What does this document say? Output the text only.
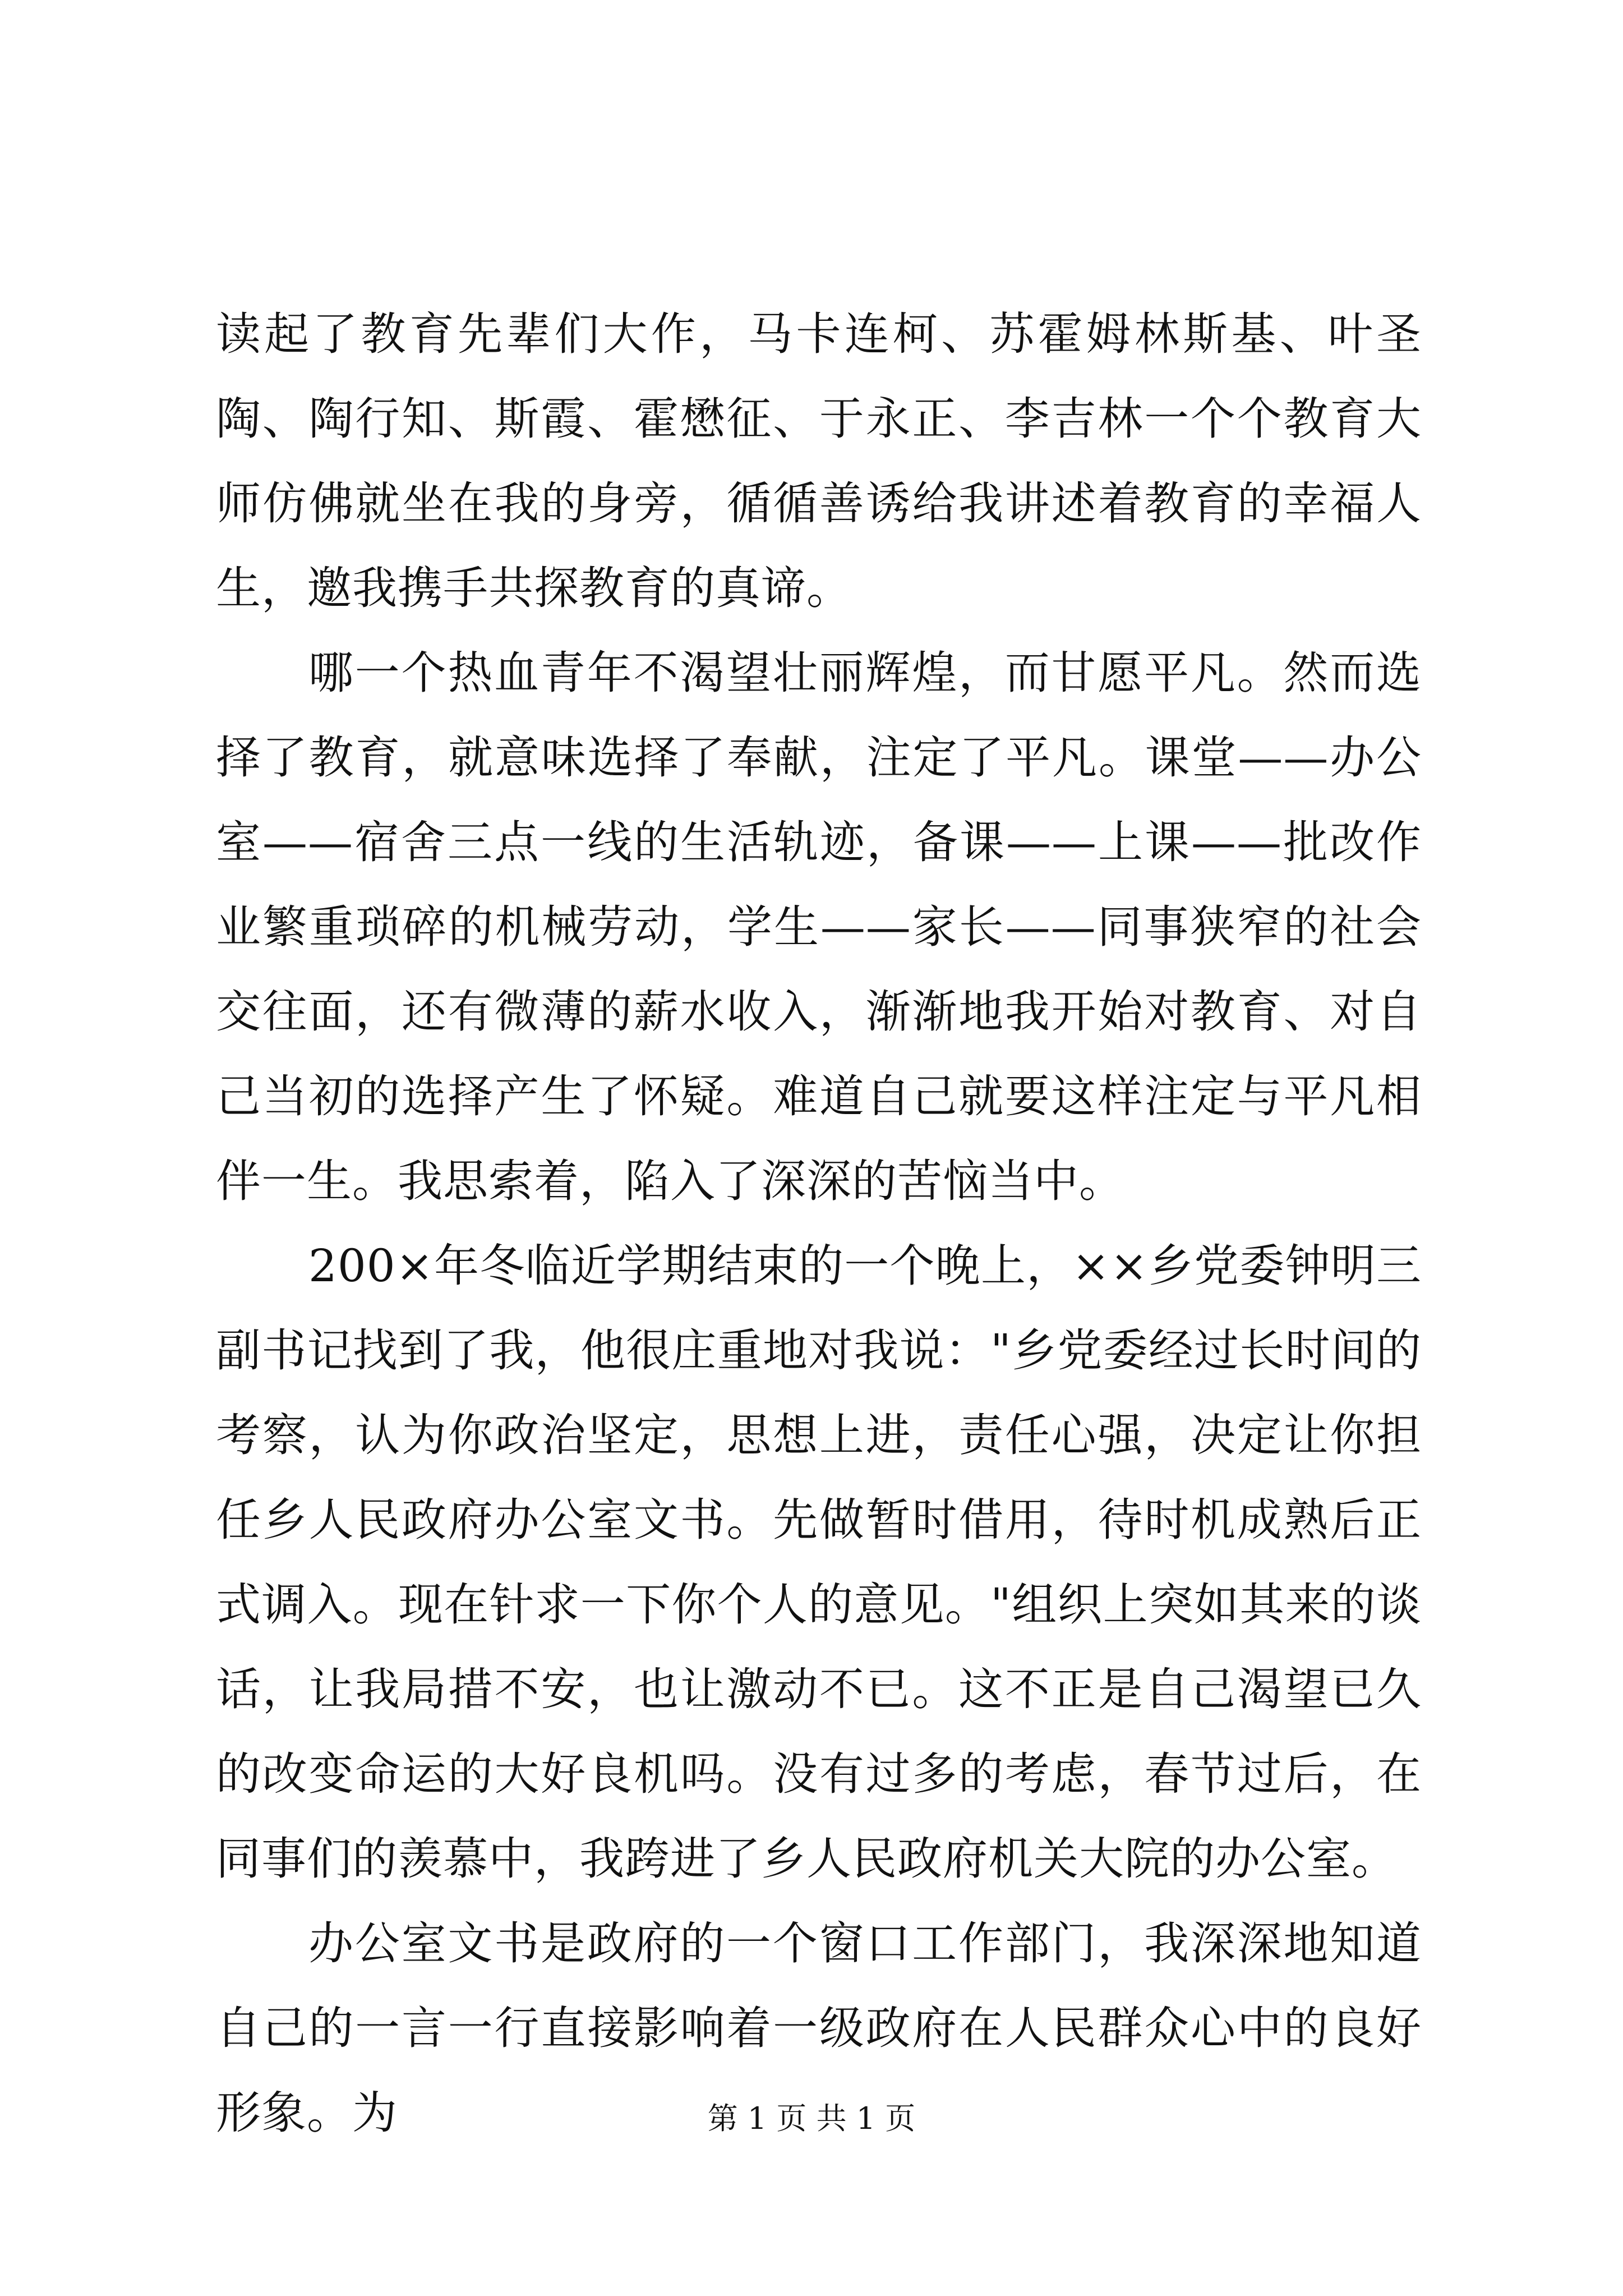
读起了教育先辈们大作，马卡连柯、苏霍姆林斯基、叶圣陶、陶行知、斯霞、霍懋征、于永正、李吉林一个个教育大师仿佛就坐在我的身旁，循循善诱给我讲述着教育的幸福人生，邀我携手共探教育的真谛。

哪一个热血青年不渴望壮丽辉煌，而甘愿平凡。然而选择了教育，就意味选择了奉献，注定了平凡。课堂——办公室——宿舍三点一线的生活轨迹，备课——上课——批改作业繁重琐碎的机械劳动，学生——家长——同事狭窄的社会交往面，还有微薄的薪水收入，渐渐地我开始对教育、对自己当初的选择产生了怀疑。难道自己就要这样注定与平凡相伴一生。我思索着，陷入了深深的苦恼当中。

200×年冬临近学期结束的一个晚上，××乡党委钟明三副书记找到了我，他很庄重地对我说："乡党委经过长时间的考察，认为你政治坚定，思想上进，责任心强，决定让你担任乡人民政府办公室文书。先做暂时借用，待时机成熟后正式调入。现在针求一下你个人的意见。"组织上突如其来的谈话，让我局措不安，也让激动不已。这不正是自己渴望已久的改变命运的大好良机吗。没有过多的考虑，春节过后，在同事们的羡慕中，我跨进了乡人民政府机关大院的办公室。

办公室文书是政府的一个窗口工作部门，我深深地知道自己的一言一行直接影响着一级政府在人民群众心中的良好形象。为	第 1 页 共 1 页
